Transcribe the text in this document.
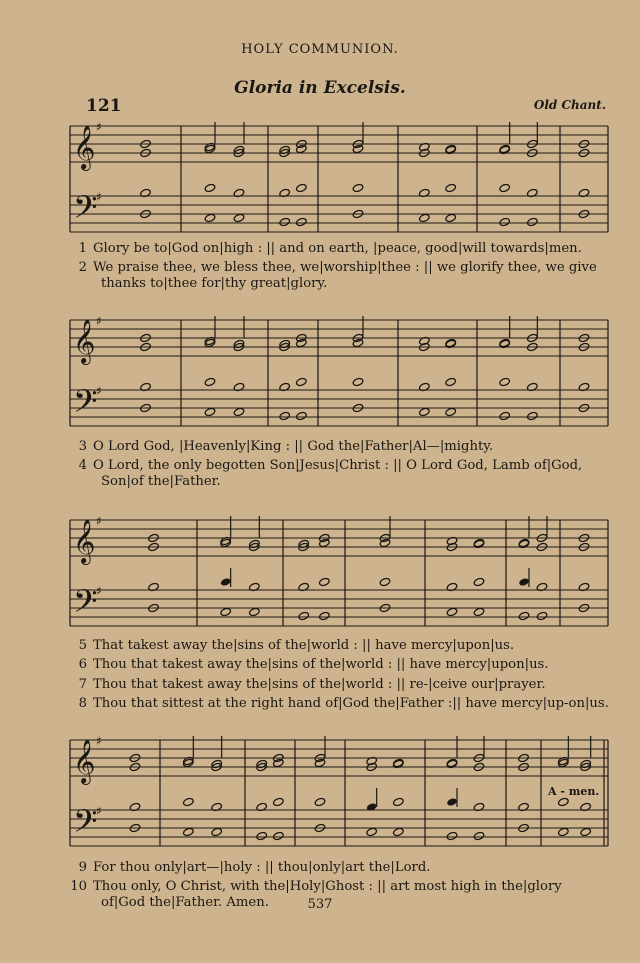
HOLY COMMUNION.
Gloria in Excelsis.
121	Old Chant.
𝄞 ♯
𝄢
♯
𝄞 ♯
𝄢
♯
𝄞 ♯
𝄢
♯
𝄞 ♯
𝄢
♯
A - men.
1 Glory be to|God on|high : || and on earth, |peace, good|will towards|men.
2 We praise thee, we bless thee, we|worship|thee : || we glorify thee, we give
thanks to|thee for|thy great|glory.
3 O Lord God, |Heavenly|King : || God the|Father|Al—|mighty.
4 O Lord, the only begotten Son|Jesus|Christ : || O Lord God, Lamb of|God,
Son|of the|Father.
5 That takest away the|sins of the|world : || have mercy|upon|us.
6 Thou that takest away the|sins of the|world : || have mercy|upon|us.
7 Thou that takest away the|sins of the|world : || re-|ceive our|prayer.
8 Thou that sittest at the right hand of|God the|Father :|| have mercy|up-on|us.
9 For thou only|art—|holy : || thou|only|art the|Lord.
10 Thou only, O Christ, with the|Holy|Ghost : || art most high in the|glory
of|God the|Father. Amen.	537
